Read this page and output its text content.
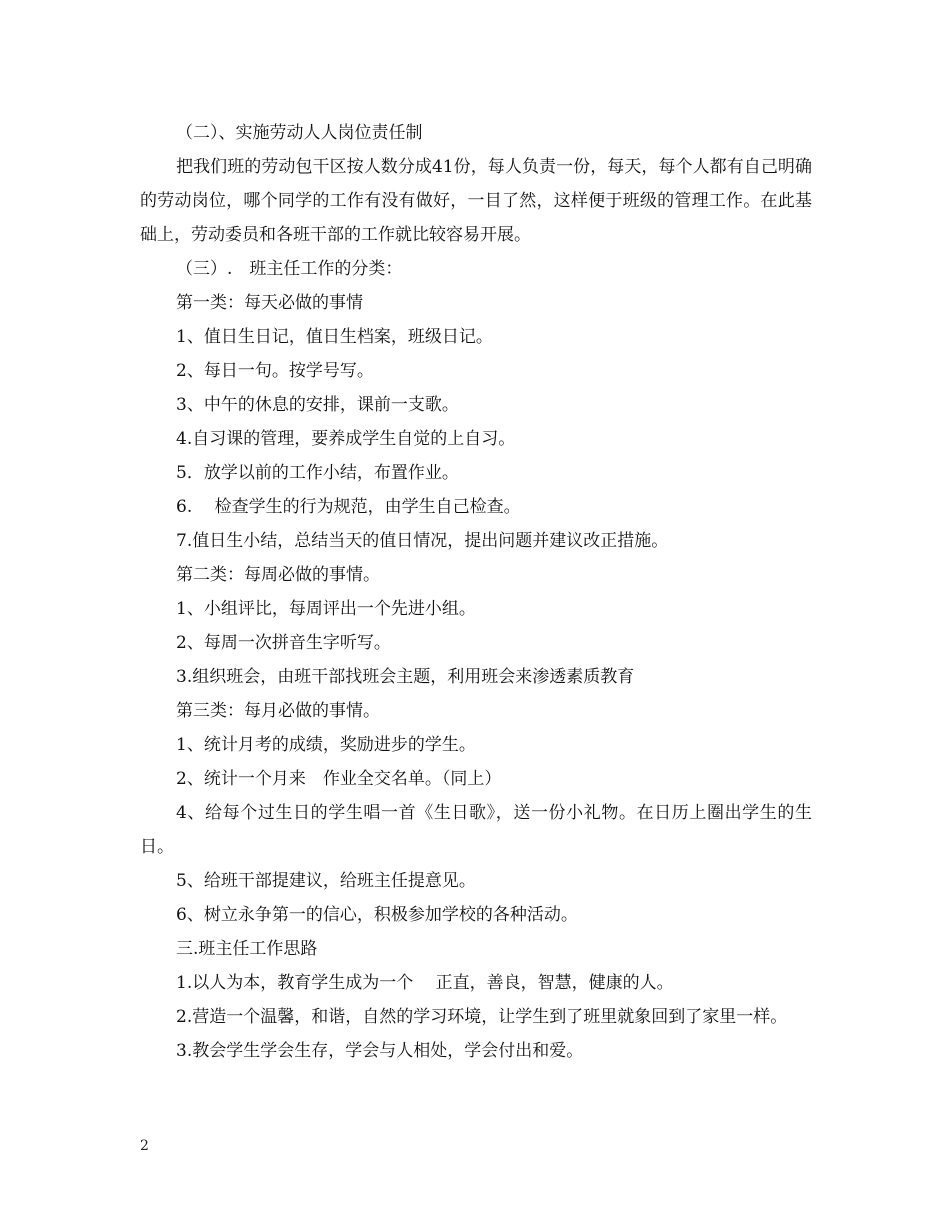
（二）、实施劳动人人岗位责任制

把我们班的劳动包干区按人数分成41份，每人负责一份，每天，每个人都有自己明确的劳动岗位，哪个同学的工作有没有做好，一目了然，这样便于班级的管理工作。在此基础上，劳动委员和各班干部的工作就比较容易开展。

（三）.　班主任工作的分类：

第一类：每天必做的事情

1、值日生日记，值日生档案，班级日记。

2、每日一句。按学号写。

3、中午的休息的安排，课前一支歌。

4.自习课的管理，要养成学生自觉的上自习。

5．放学以前的工作小结，布置作业。

6.　 检查学生的行为规范，由学生自己检查。

7.值日生小结，总结当天的值日情况，提出问题并建议改正措施。

第二类：每周必做的事情。

1、小组评比，每周评出一个先进小组。

2、每周一次拼音生字听写。

3.组织班会，由班干部找班会主题，利用班会来渗透素质教育

第三类：每月必做的事情。

1、统计月考的成绩，奖励进步的学生。

2、统计一个月来　作业全交名单。（同上）

4、给每个过生日的学生唱一首《生日歌》，送一份小礼物。在日历上圈出学生的生日。

5、给班干部提建议，给班主任提意见。

6、树立永争第一的信心，积极参加学校的各种活动。

三.班主任工作思路

1.以人为本，教育学生成为一个　 正直，善良，智慧，健康的人。

2.营造一个温馨，和谐，自然的学习环境，让学生到了班里就象回到了家里一样。

3.教会学生学会生存，学会与人相处，学会付出和爱。

2
